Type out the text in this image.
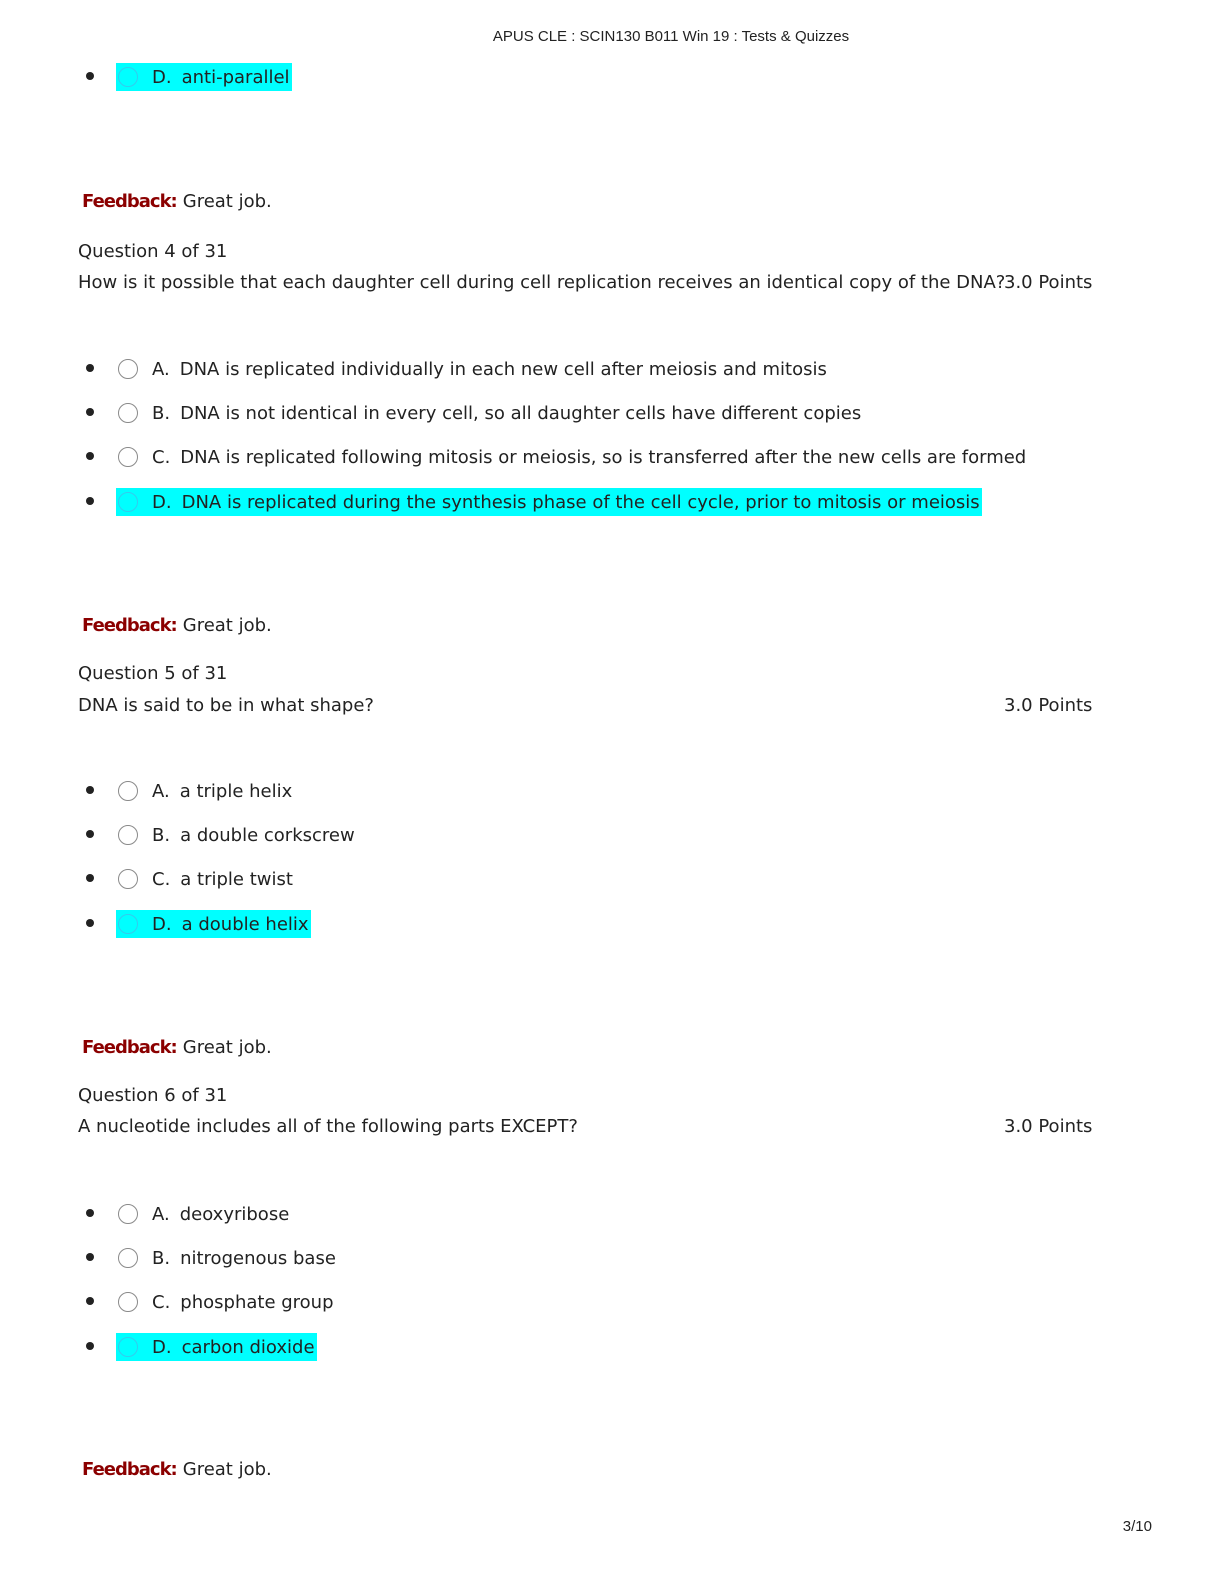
APUS CLE : SCIN130 B011 Win 19 : Tests & Quizzes
D. anti-parallel
Feedback: Great job.
Question 4 of 31
How is it possible that each daughter cell during cell replication receives an identical copy of the DNA?
3.0 Points
A. DNA is replicated individually in each new cell after meiosis and mitosis
B. DNA is not identical in every cell, so all daughter cells have different copies
C. DNA is replicated following mitosis or meiosis, so is transferred after the new cells are formed
D. DNA is replicated during the synthesis phase of the cell cycle, prior to mitosis or meiosis
Feedback: Great job.
Question 5 of 31
DNA is said to be in what shape?	3.0 Points
A. a triple helix
B. a double corkscrew
C. a triple twist
D. a double helix
Feedback: Great job.
Question 6 of 31
A nucleotide includes all of the following parts EXCEPT?	3.0 Points
A. deoxyribose
B. nitrogenous base
C. phosphate group
D. carbon dioxide
Feedback: Great job.
3/10
